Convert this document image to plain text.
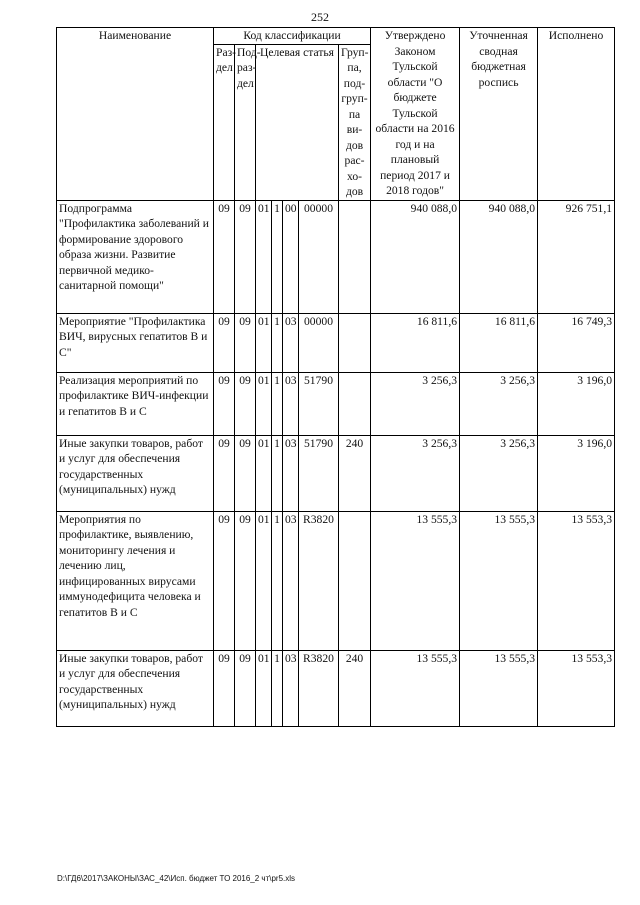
252
Наименование	Код классификации							Утверждено Законом Тульской области "О бюджете Тульской области на 2016 год и на плановый период 2017 и 2018 годов"	Уточненная сводная бюджетная роспись	Исполнено
	Раз-дел	Под-раз-дел	Целевая статья				Груп-па, под-груп-па ви-дов рас-хо-дов			
Подпрограмма "Профилактика заболеваний и формирование здорового образа жизни. Развитие первичной медико-санитарной помощи"	09	09	01	1	00	00000		940 088,0	940 088,0	926 751,1
Мероприятие "Профилактика ВИЧ, вирусных гепатитов В и С"	09	09	01	1	03	00000		16 811,6	16 811,6	16 749,3
Реализация мероприятий по профилактике ВИЧ-инфекции и гепатитов В и С	09	09	01	1	03	51790		3 256,3	3 256,3	3 196,0
Иные закупки товаров, работ и услуг для обеспечения государственных (муниципальных) нужд	09	09	01	1	03	51790	240	3 256,3	3 256,3	3 196,0
Мероприятия по профилактике, выявлению, мониторингу лечения и лечению лиц, инфицированных вирусами иммунодефицита человека и гепатитов В и С	09	09	01	1	03	R3820		13 555,3	13 555,3	13 553,3
Иные закупки товаров, работ и услуг для обеспечения государственных (муниципальных) нужд	09	09	01	1	03	R3820	240	13 555,3	13 555,3	13 553,3
D:\ГД6\2017\ЗАКОНЫ\ЗАС_42\Исп. бюджет ТО 2016_2 чт\pr5.xls
